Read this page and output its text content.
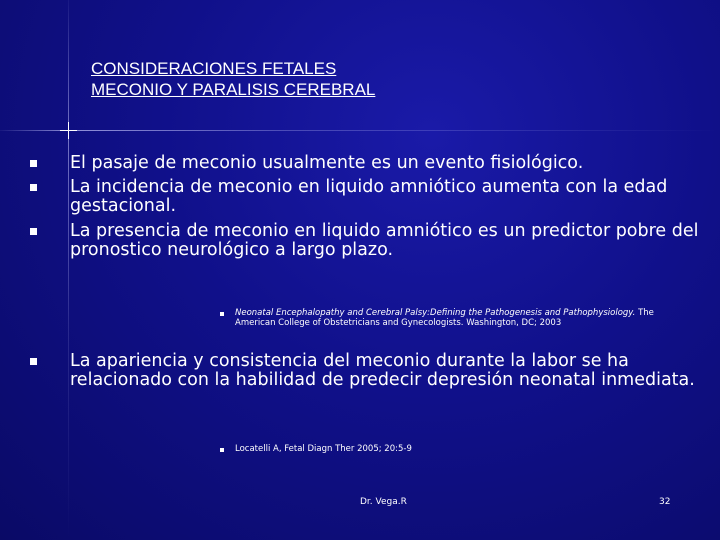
CONSIDERACIONES FETALES
MECONIO Y PARALISIS CEREBRAL
El pasaje de meconio usualmente es un evento fisiológico.
La incidencia de meconio en liquido amniótico aumenta con la edad gestacional.
La presencia de meconio en liquido amniótico es un predictor pobre del pronostico neurológico a largo plazo.
Neonatal Encephalopathy and Cerebral Palsy:Defining the Pathogenesis and Pathophysiology. The American College of Obstetricians and Gynecologists. Washington, DC; 2003
La apariencia y consistencia del meconio durante la labor se ha relacionado con la habilidad de predecir depresión neonatal inmediata.
Locatelli A, Fetal Diagn Ther 2005; 20:5-9
Dr. Vega.R	32
